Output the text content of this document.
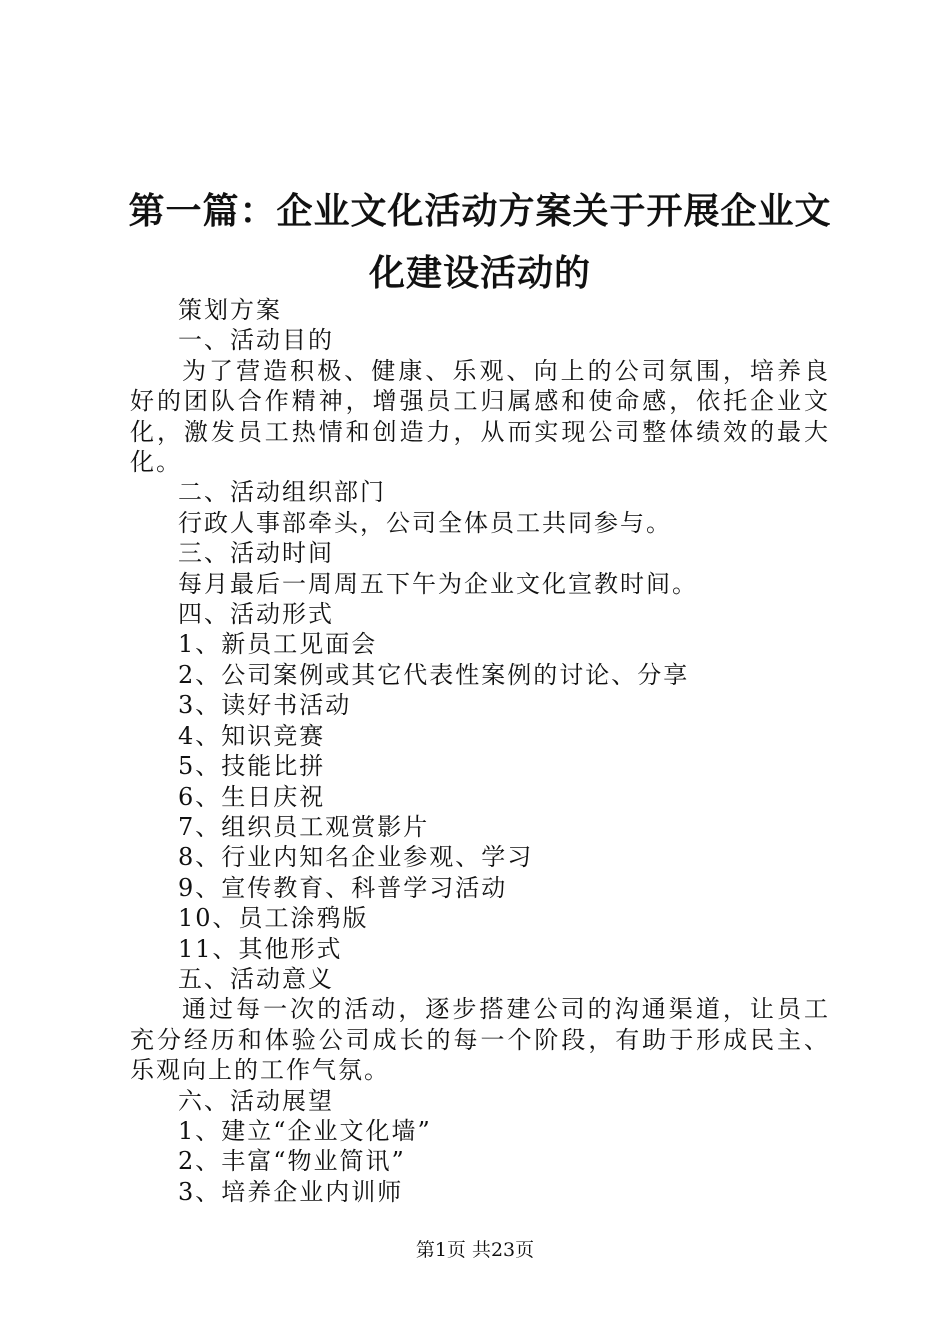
第一篇：企业文化活动方案关于开展企业文化建设活动的
策划方案
一、活动目的
为了营造积极、健康、乐观、向上的公司氛围，培养良好的团队合作精神，增强员工归属感和使命感，依托企业文化，激发员工热情和创造力，从而实现公司整体绩效的最大化。
二、活动组织部门
行政人事部牵头，公司全体员工共同参与。
三、活动时间
每月最后一周周五下午为企业文化宣教时间。
四、活动形式
1、新员工见面会
2、公司案例或其它代表性案例的讨论、分享
3、读好书活动
4、知识竞赛
5、技能比拼
6、生日庆祝
7、组织员工观赏影片
8、行业内知名企业参观、学习
9、宣传教育、科普学习活动
10、员工涂鸦版
11、其他形式
五、活动意义
通过每一次的活动，逐步搭建公司的沟通渠道，让员工充分经历和体验公司成长的每一个阶段，有助于形成民主、乐观向上的工作气氛。
六、活动展望
1、建立“企业文化墙”
2、丰富“物业简讯”
3、培养企业内训师
第1页 共23页
